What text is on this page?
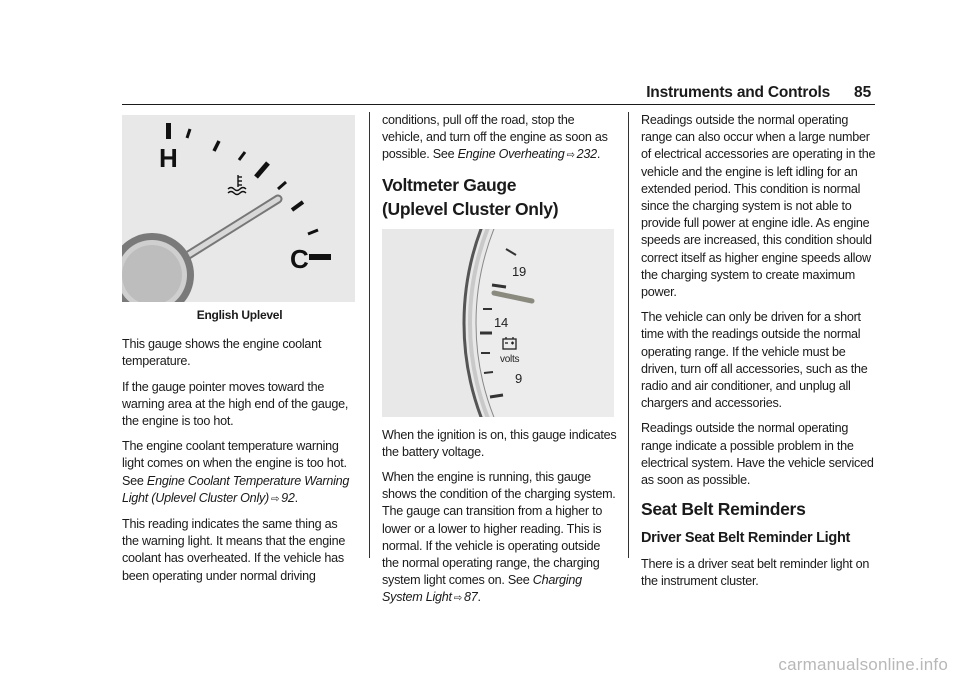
Instruments and Controls 85
H
C
English Uplevel

This gauge shows the engine coolant temperature.

If the gauge pointer moves toward the warning area at the high end of the gauge, the engine is too hot.

The engine coolant temperature warning light comes on when the engine is too hot.
See Engine Coolant Temperature Warning Light (Uplevel Cluster Only) ⇨ 92.

This reading indicates the same thing as the warning light. It means that the engine coolant has overheated. If the vehicle has been operating under normal driving

conditions, pull off the road, stop the vehicle, and turn off the engine as soon as possible. See Engine Overheating ⇨ 232.

Voltmeter Gauge (Uplevel Cluster Only)
19
14
9
volts

When the ignition is on, this gauge indicates the battery voltage.

When the engine is running, this gauge shows the condition of the charging system. The gauge can transition from a higher to lower or a lower to higher reading. This is normal. If the vehicle is operating outside the normal operating range, the charging system light comes on. See Charging System Light ⇨ 87.

Readings outside the normal operating range can also occur when a large number of electrical accessories are operating in the vehicle and the engine is left idling for an extended period. This condition is normal since the charging system is not able to provide full power at engine idle. As engine speeds are increased, this condition should correct itself as higher engine speeds allow the charging system to create maximum power.

The vehicle can only be driven for a short time with the readings outside the normal operating range. If the vehicle must be driven, turn off all accessories, such as the radio and air conditioner, and unplug all chargers and accessories.

Readings outside the normal operating range indicate a possible problem in the electrical system. Have the vehicle serviced as soon as possible.

Seat Belt Reminders
Driver Seat Belt Reminder Light

There is a driver seat belt reminder light on the instrument cluster.

carmanualsonline.info
